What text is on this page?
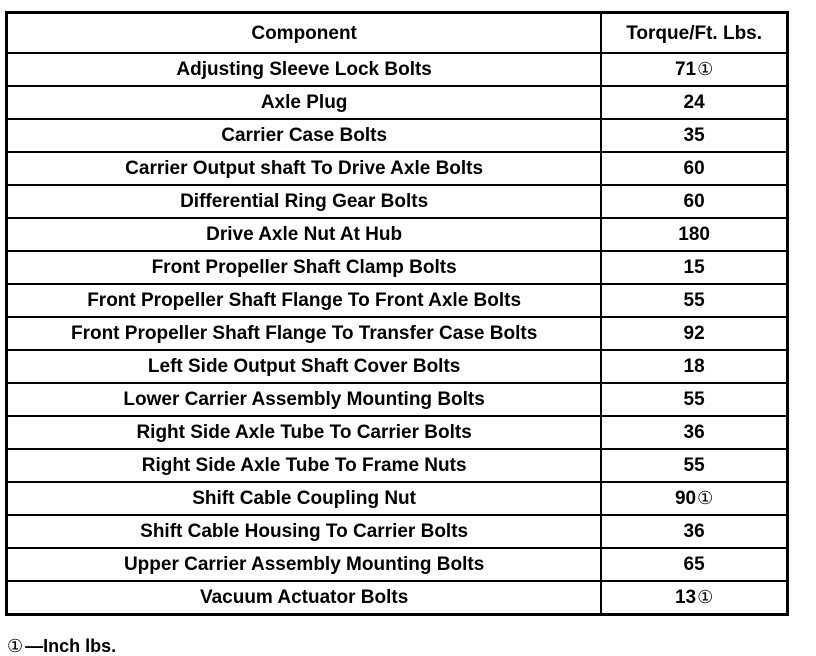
Component	Torque/Ft. Lbs.
Adjusting Sleeve Lock Bolts	71①
Axle Plug	24
Carrier Case Bolts	35
Carrier Output shaft To Drive Axle Bolts	60
Differential Ring Gear Bolts	60
Drive Axle Nut At Hub	180
Front Propeller Shaft Clamp Bolts	15
Front Propeller Shaft Flange To Front Axle Bolts	55
Front Propeller Shaft Flange To Transfer Case Bolts	92
Left Side Output Shaft Cover Bolts	18
Lower Carrier Assembly Mounting Bolts	55
Right Side Axle Tube To Carrier Bolts	36
Right Side Axle Tube To Frame Nuts	55
Shift Cable Coupling Nut	90①
Shift Cable Housing To Carrier Bolts	36
Upper Carrier Assembly Mounting Bolts	65
Vacuum Actuator Bolts	13①
① —Inch lbs.
